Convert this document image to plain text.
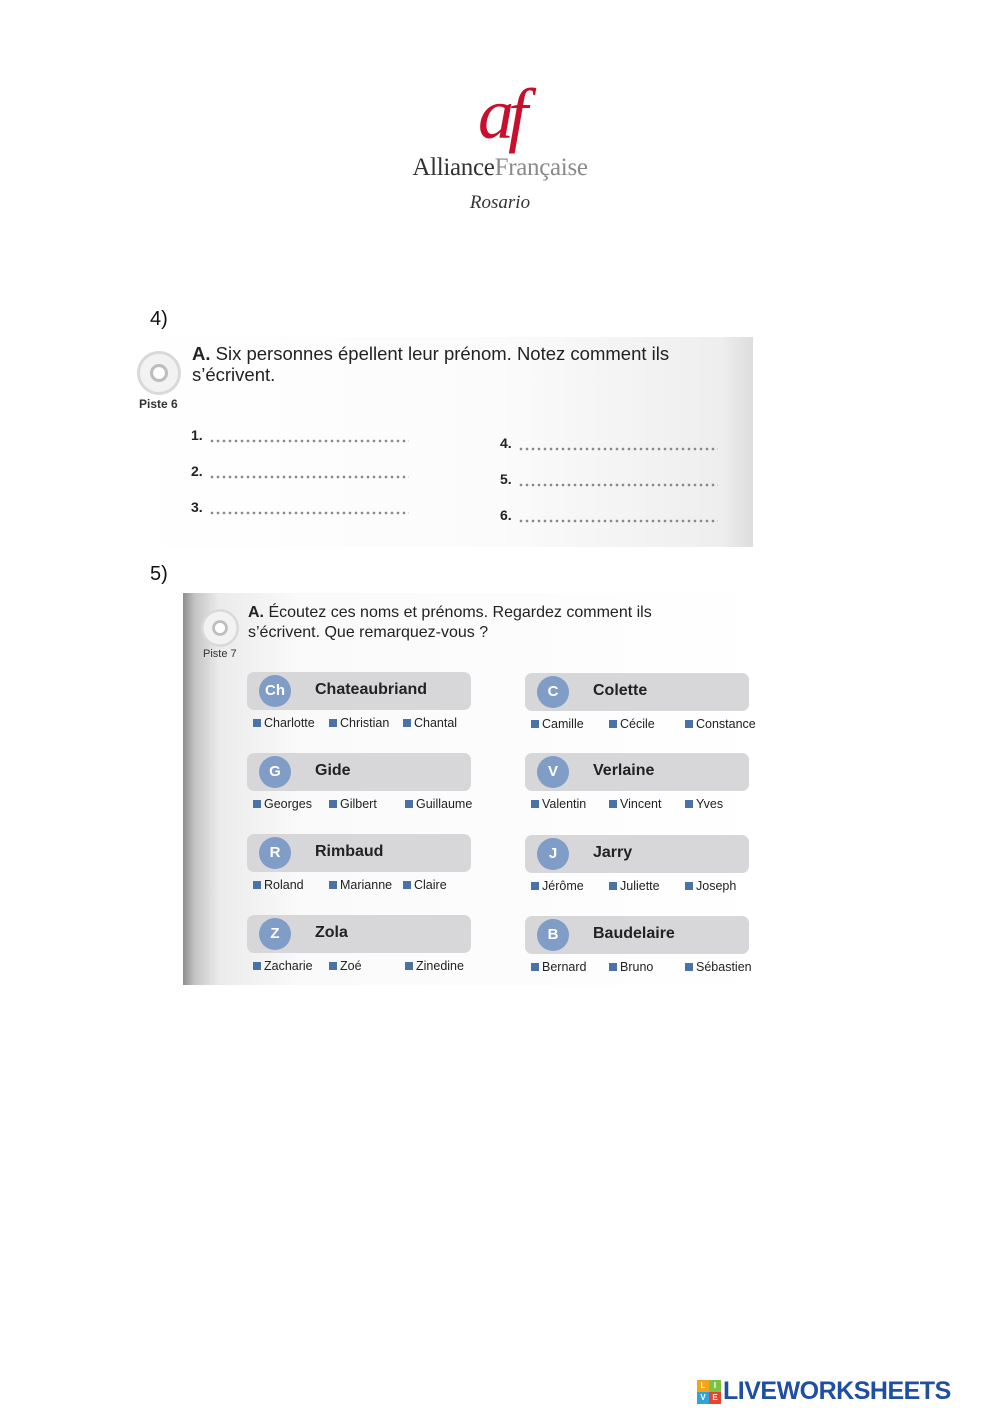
af
AllianceFrançaise
Rosario
4)
Piste 6
A. Six personnes épellent leur prénom. Notez comment ils s’écrivent.
1.
2.
3.
4.
5.
6.
5)
Piste 7
A. Écoutez ces noms et prénoms. Regardez comment ils s’écrivent. Que remarquez-vous ?
Ch	Chateaubriand
Charlotte	Christian	Chantal
C	Colette
Camille	Cécile	Constance
G	Gide
Georges	Gilbert	Guillaume
V	Verlaine
Valentin	Vincent	Yves
R	Rimbaud
Roland	Marianne	Claire
J	Jarry
Jérôme	Juliette	Joseph
Z	Zola
Zacharie	Zoé	Zinedine
B	Baudelaire
Bernard	Bruno	Sébastien
L	I
V E LIVEWORKSHEETS
